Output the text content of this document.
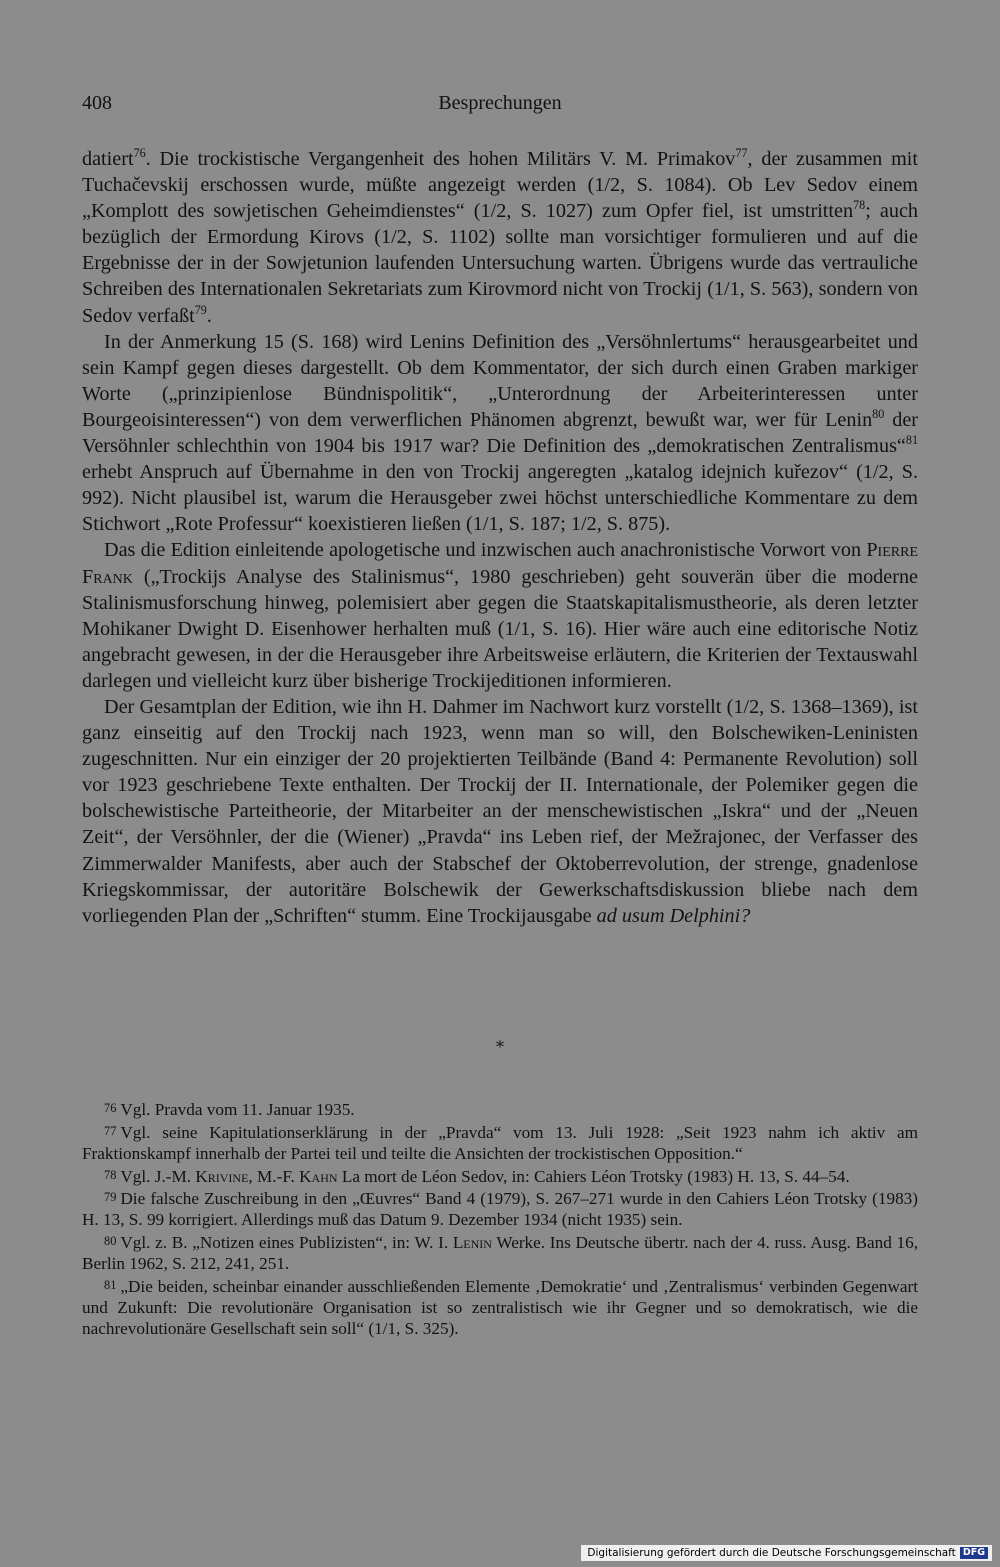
408	Besprechungen

datiert$^{76}$. Die trockistische Vergangenheit des hohen Militärs V. M. Primakov$^{77}$, der zusammen mit Tuchačevskij erschossen wurde, müßte angezeigt werden (1/2, S. 1084). Ob Lev Sedov einem „Komplott des sowjetischen Geheimdienstes“ (1/2, S. 1027) zum Opfer fiel, ist umstritten$^{78}$; auch bezüglich der Ermordung Kirovs (1/2, S. 1102) sollte man vorsichtiger formulieren und auf die Ergebnisse der in der Sowjetunion laufenden Untersuchung warten. Übrigens wurde das vertrauliche Schreiben des Internationalen Sekretariats zum Kirovmord nicht von Trockij (1/1, S. 563), sondern von Sedov verfaßt$^{79}$.

In der Anmerkung 15 (S. 168) wird Lenins Definition des „Versöhnlertums“ herausgearbeitet und sein Kampf gegen dieses dargestellt. Ob dem Kommentator, der sich durch einen Graben markiger Worte („prinzipienlose Bündnispolitik“, „Unterordnung der Arbeiterinteressen unter Bourgeoisinteressen“) von dem verwerflichen Phänomen abgrenzt, bewußt war, wer für Lenin$^{80}$ der Versöhnler schlechthin von 1904 bis 1917 war? Die Definition des „demokratischen Zentralismus“$^{81}$ erhebt Anspruch auf Übernahme in den von Trockij angeregten „katalog idejnich kuřezov“ (1/2, S. 992). Nicht plausibel ist, warum die Herausgeber zwei höchst unterschiedliche Kommentare zu dem Stichwort „Rote Professur“ koexistieren ließen (1/1, S. 187; 1/2, S. 875).

Das die Edition einleitende apologetische und inzwischen auch anachronistische Vorwort von Pierre Frank („Trockijs Analyse des Stalinismus“, 1980 geschrieben) geht souverän über die moderne Stalinismusforschung hinweg, polemisiert aber gegen die Staatskapitalismustheorie, als deren letzter Mohikaner Dwight D. Eisenhower herhalten muß (1/1, S. 16). Hier wäre auch eine editorische Notiz angebracht gewesen, in der die Herausgeber ihre Arbeitsweise erläutern, die Kriterien der Textauswahl darlegen und vielleicht kurz über bisherige Trockijeditionen informieren.

Der Gesamtplan der Edition, wie ihn H. Dahmer im Nachwort kurz vorstellt (1/2, S. 1368–1369), ist ganz einseitig auf den Trockij nach 1923, wenn man so will, den Bolschewiken-Leninisten zugeschnitten. Nur ein einziger der 20 projektierten Teilbände (Band 4: Permanente Revolution) soll vor 1923 geschriebene Texte enthalten. Der Trockij der II. Internationale, der Polemiker gegen die bolschewistische Parteitheorie, der Mitarbeiter an der menschewistischen „Iskra“ und der „Neuen Zeit“, der Versöhnler, der die (Wiener) „Pravda“ ins Leben rief, der Mežrajonec, der Verfasser des Zimmerwalder Manifests, aber auch der Stabschef der Oktoberrevolution, der strenge, gnadenlose Kriegskommissar, der autoritäre Bolschewik der Gewerkschaftsdiskussion bliebe nach dem vorliegenden Plan der „Schriften“ stumm. Eine Trockijausgabe ad usum Delphini?

⁎

76 Vgl. Pravda vom 11. Januar 1935.

77 Vgl. seine Kapitulationserklärung in der „Pravda“ vom 13. Juli 1928: „Seit 1923 nahm ich aktiv am Fraktionskampf innerhalb der Partei teil und teilte die Ansichten der trockistischen Opposition.“

78 Vgl. J.-M. Krivine, M.-F. Kahn La mort de Léon Sedov, in: Cahiers Léon Trotsky (1983) H. 13, S. 44–54.

79 Die falsche Zuschreibung in den „Œuvres“ Band 4 (1979), S. 267–271 wurde in den Cahiers Léon Trotsky (1983) H. 13, S. 99 korrigiert. Allerdings muß das Datum 9. Dezember 1934 (nicht 1935) sein.

80 Vgl. z. B. „Notizen eines Publizisten“, in: W. I. Lenin Werke. Ins Deutsche übertr. nach der 4. russ. Ausg. Band 16, Berlin 1962, S. 212, 241, 251.

81 „Die beiden, scheinbar einander ausschließenden Elemente ‚Demokratie‘ und ‚Zentralismus‘ verbinden Gegenwart und Zukunft: Die revolutionäre Organisation ist so zentralistisch wie ihr Gegner und so demokratisch, wie die nachrevolutionäre Gesellschaft sein soll“ (1/1, S. 325).

Digitalisierung gefördert durch die Deutsche Forschungsgemeinschaft DFG
